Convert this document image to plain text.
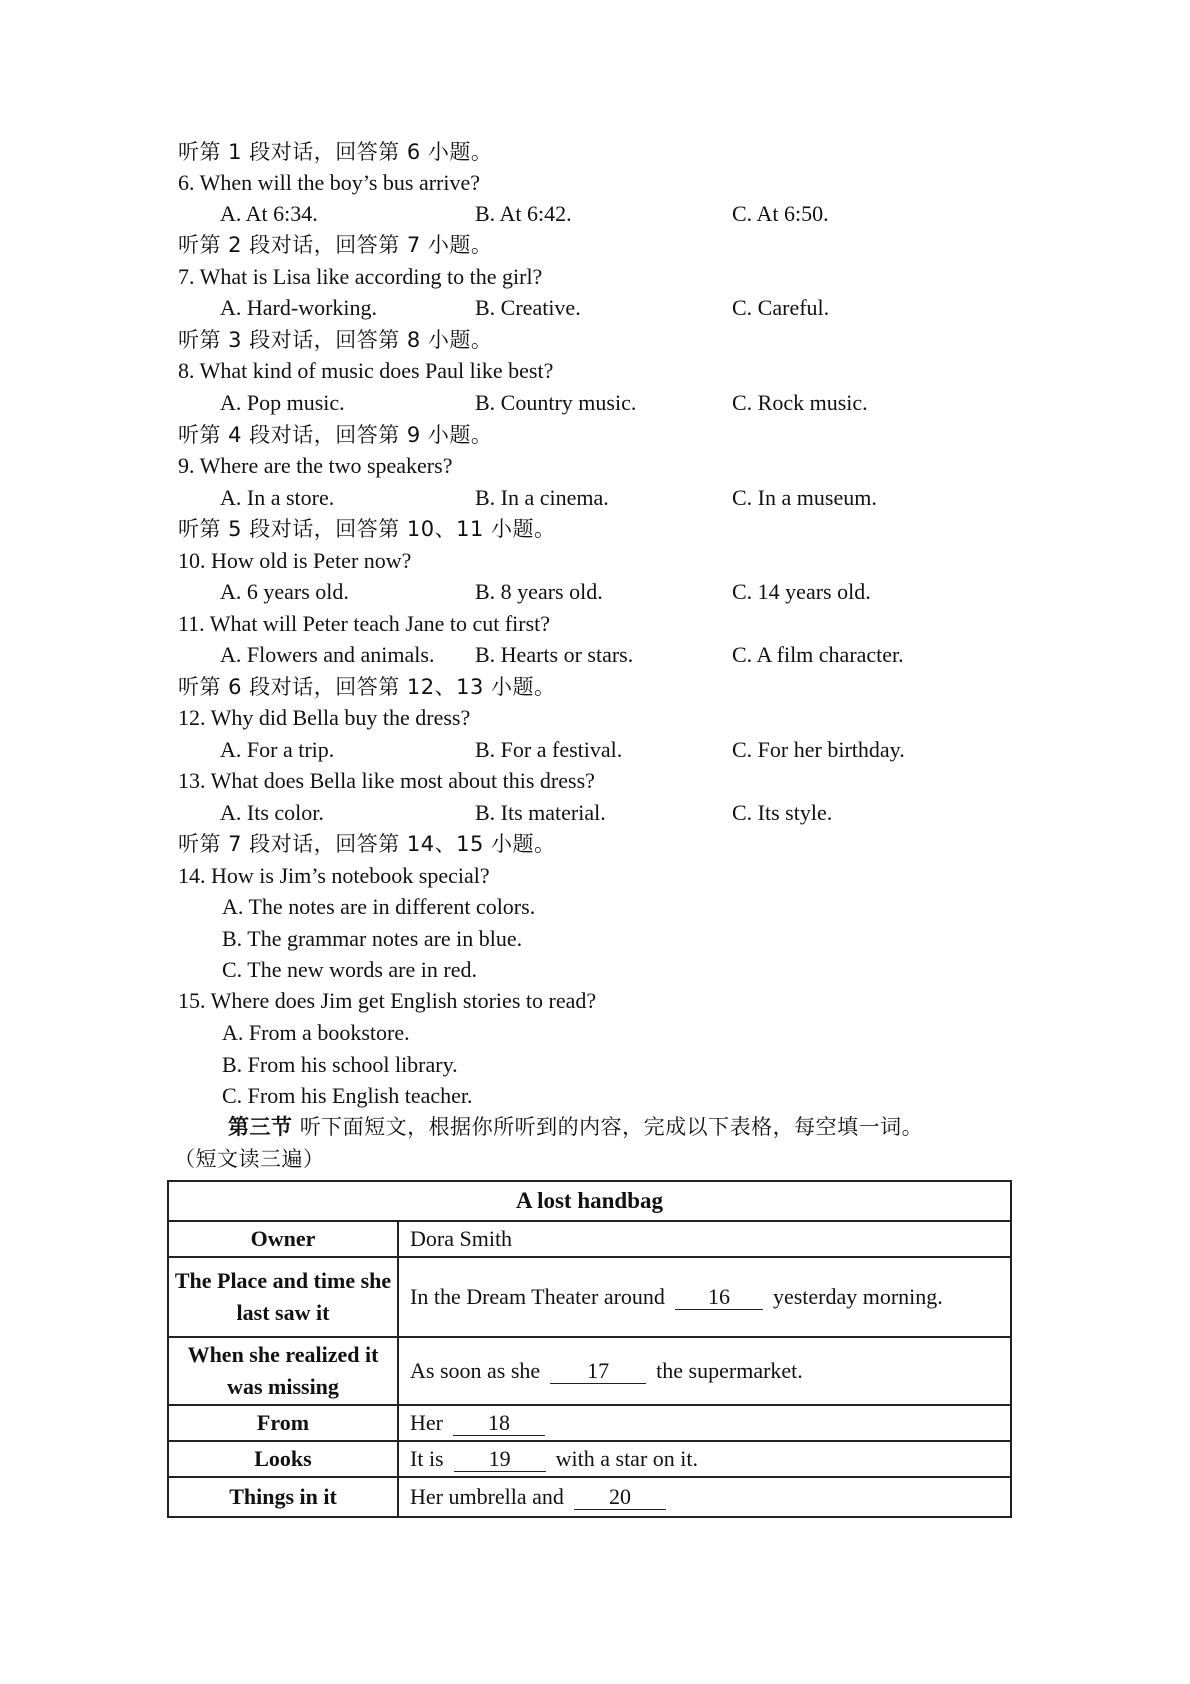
听第 1 段对话，回答第 6 小题。
6. When will the boy’s bus arrive?
A. At 6:34.	B. At 6:42.	C. At 6:50.
听第 2 段对话，回答第 7 小题。
7. What is Lisa like according to the girl?
A. Hard-working.	B. Creative.	C. Careful.
听第 3 段对话，回答第 8 小题。
8. What kind of music does Paul like best?
A. Pop music.	B. Country music.	C. Rock music.
听第 4 段对话，回答第 9 小题。
9. Where are the two speakers?
A. In a store.	B. In a cinema.	C. In a museum.
听第 5 段对话，回答第 10、11 小题。
10. How old is Peter now?
A. 6 years old.	B. 8 years old.	C. 14 years old.
11. What will Peter teach Jane to cut first?
A. Flowers and animals. B. Hearts or stars.	C. A film character.
听第 6 段对话，回答第 12、13 小题。
12. Why did Bella buy the dress?
A. For a trip.	B. For a festival.	C. For her birthday.
13. What does Bella like most about this dress?
A. Its color.	B. Its material.	C. Its style.
听第 7 段对话，回答第 14、15 小题。
14. How is Jim’s notebook special?
A. The notes are in different colors.
B. The grammar notes are in blue.
C. The new words are in red.
15. Where does Jim get English stories to read?
A. From a bookstore.
B. From his school library.
C. From his English teacher.
第三节 听下面短文，根据你所听到的内容，完成以下表格，每空填一词。
（短文读三遍）
A lost handbag	
Owner	Dora Smith
The Place and time she last saw it	In the Dream Theater around 16 yesterday morning.
When she realized it was missing	As soon as she 17 the supermarket.
From	Her 18
Looks	It is 19 with a star on it.
Things in it	Her umbrella and 20
